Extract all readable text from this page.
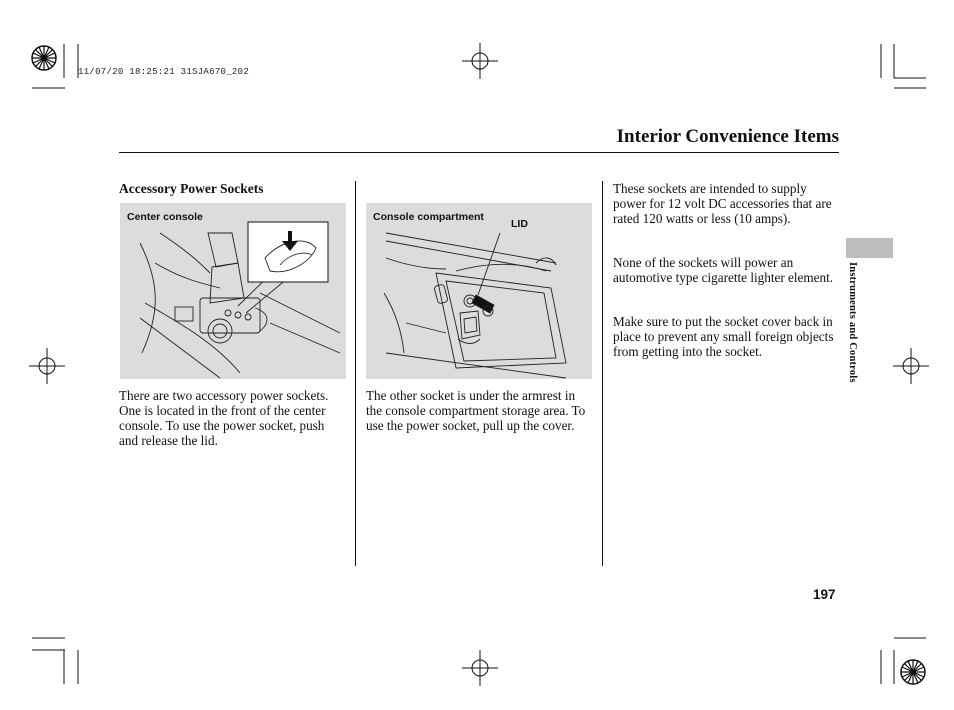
11/07/20 18:25:21 31SJA670_202
Interior Convenience Items
Instruments and Controls
Accessory Power Sockets
Center console
There are two accessory power sockets. One is located in the front of the center console. To use the power socket, push and release the lid.
Console compartment
LID
The other socket is under the armrest in the console compartment storage area. To use the power socket, pull up the cover.
These sockets are intended to supply power for 12 volt DC accessories that are rated 120 watts or less (10 amps).
None of the sockets will power an automotive type cigarette lighter element.
Make sure to put the socket cover back in place to prevent any small foreign objects from getting into the socket.
197
